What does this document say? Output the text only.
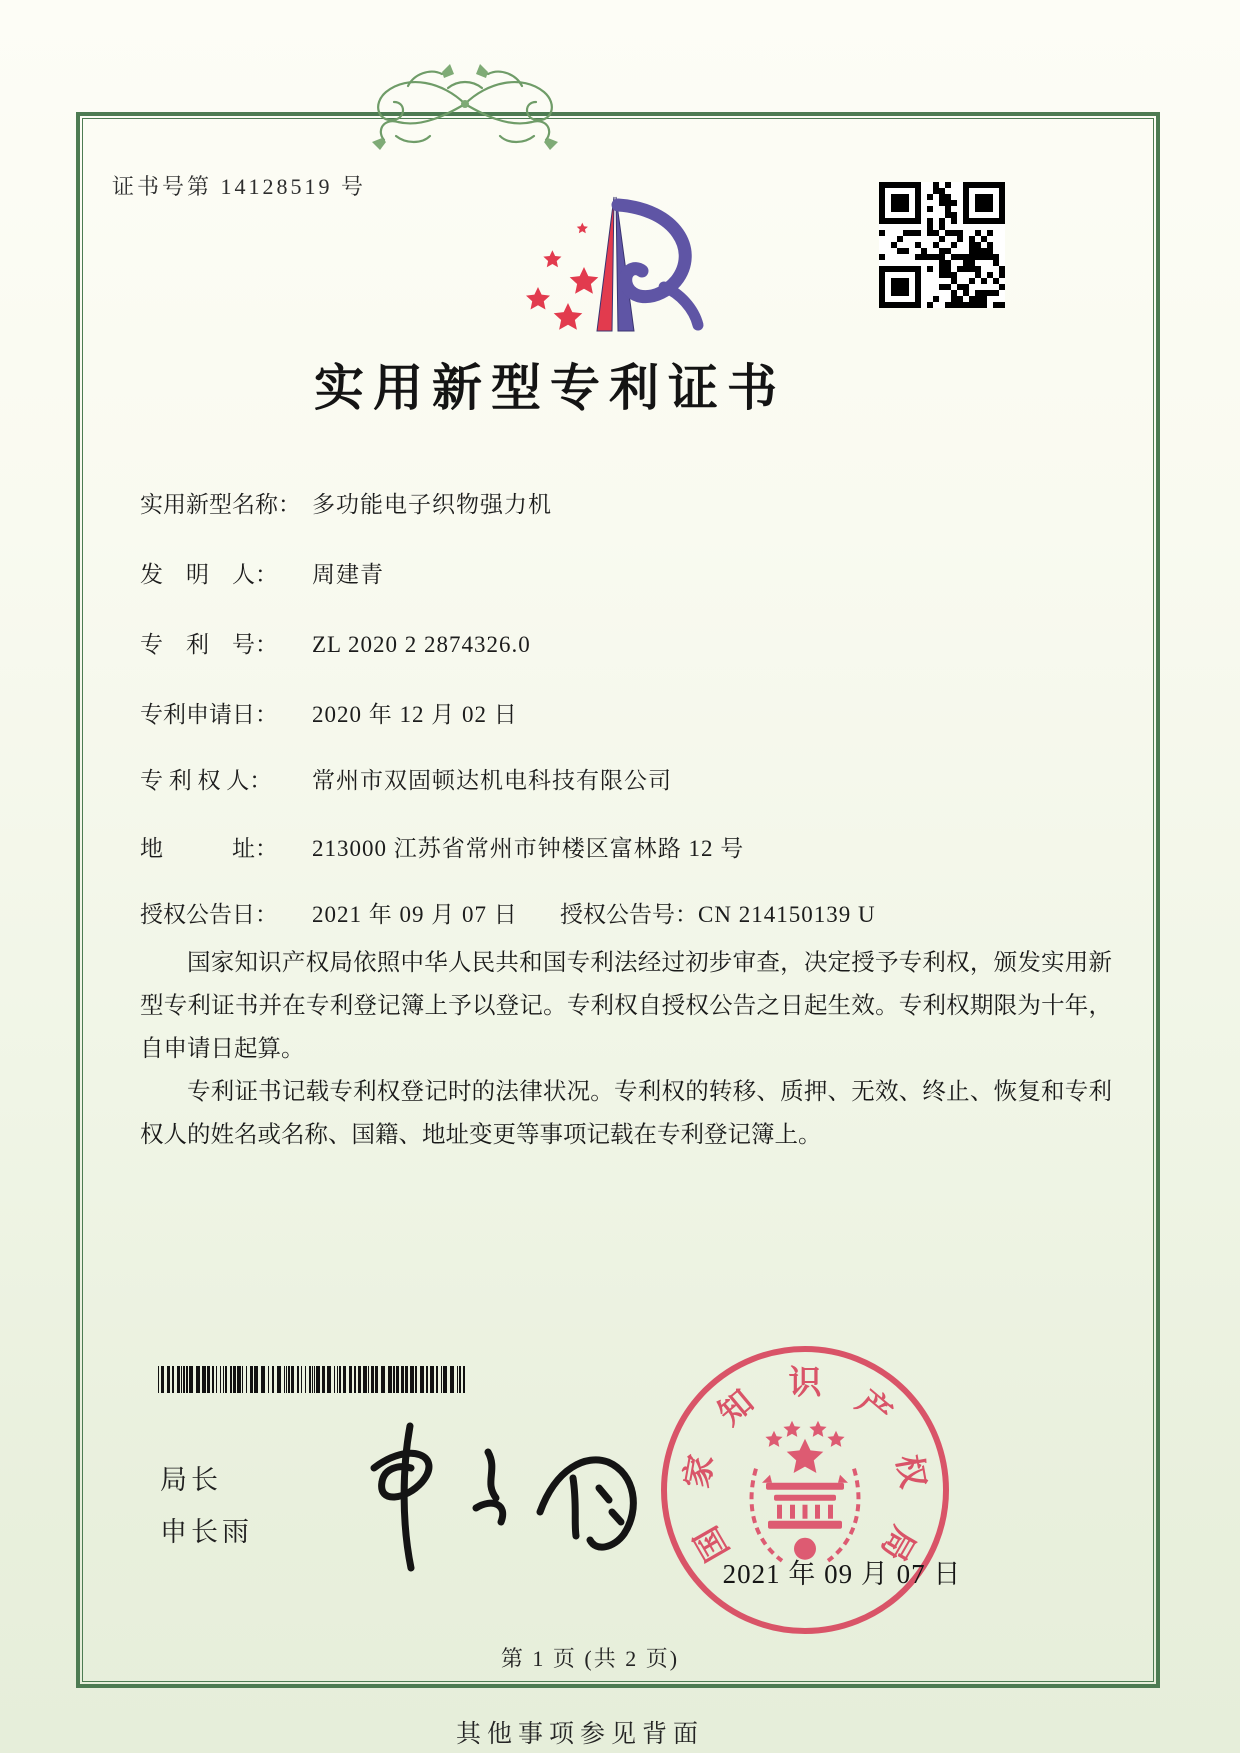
证书号第 14128519 号
实用新型专利证书
实用新型名称： 多功能电子织物强力机
发　明　人： 周建青
专　利　号： ZL 2020 2 2874326.0
专利申请日： 2020 年 12 月 02 日
专 利 权 人： 常州市双固顿达机电科技有限公司
地　　　址： 213000 江苏省常州市钟楼区富林路 12 号
授权公告日： 2021 年 09 月 07 日 授权公告号：CN 214150139 U

国家知识产权局依照中华人民共和国专利法经过初步审查，决定授予专利权，颁发实用新型专利证书并在专利登记簿上予以登记。专利权自授权公告之日起生效。专利权期限为十年，自申请日起算。

专利证书记载专利权登记时的法律状况。专利权的转移、质押、无效、终止、恢复和专利权人的姓名或名称、国籍、地址变更等事项记载在专利登记簿上。

局长
申长雨	国
家
知
识
产
权
局
2021 年 09 月 07 日
第 1 页 (共 2 页)
其他事项参见背面
